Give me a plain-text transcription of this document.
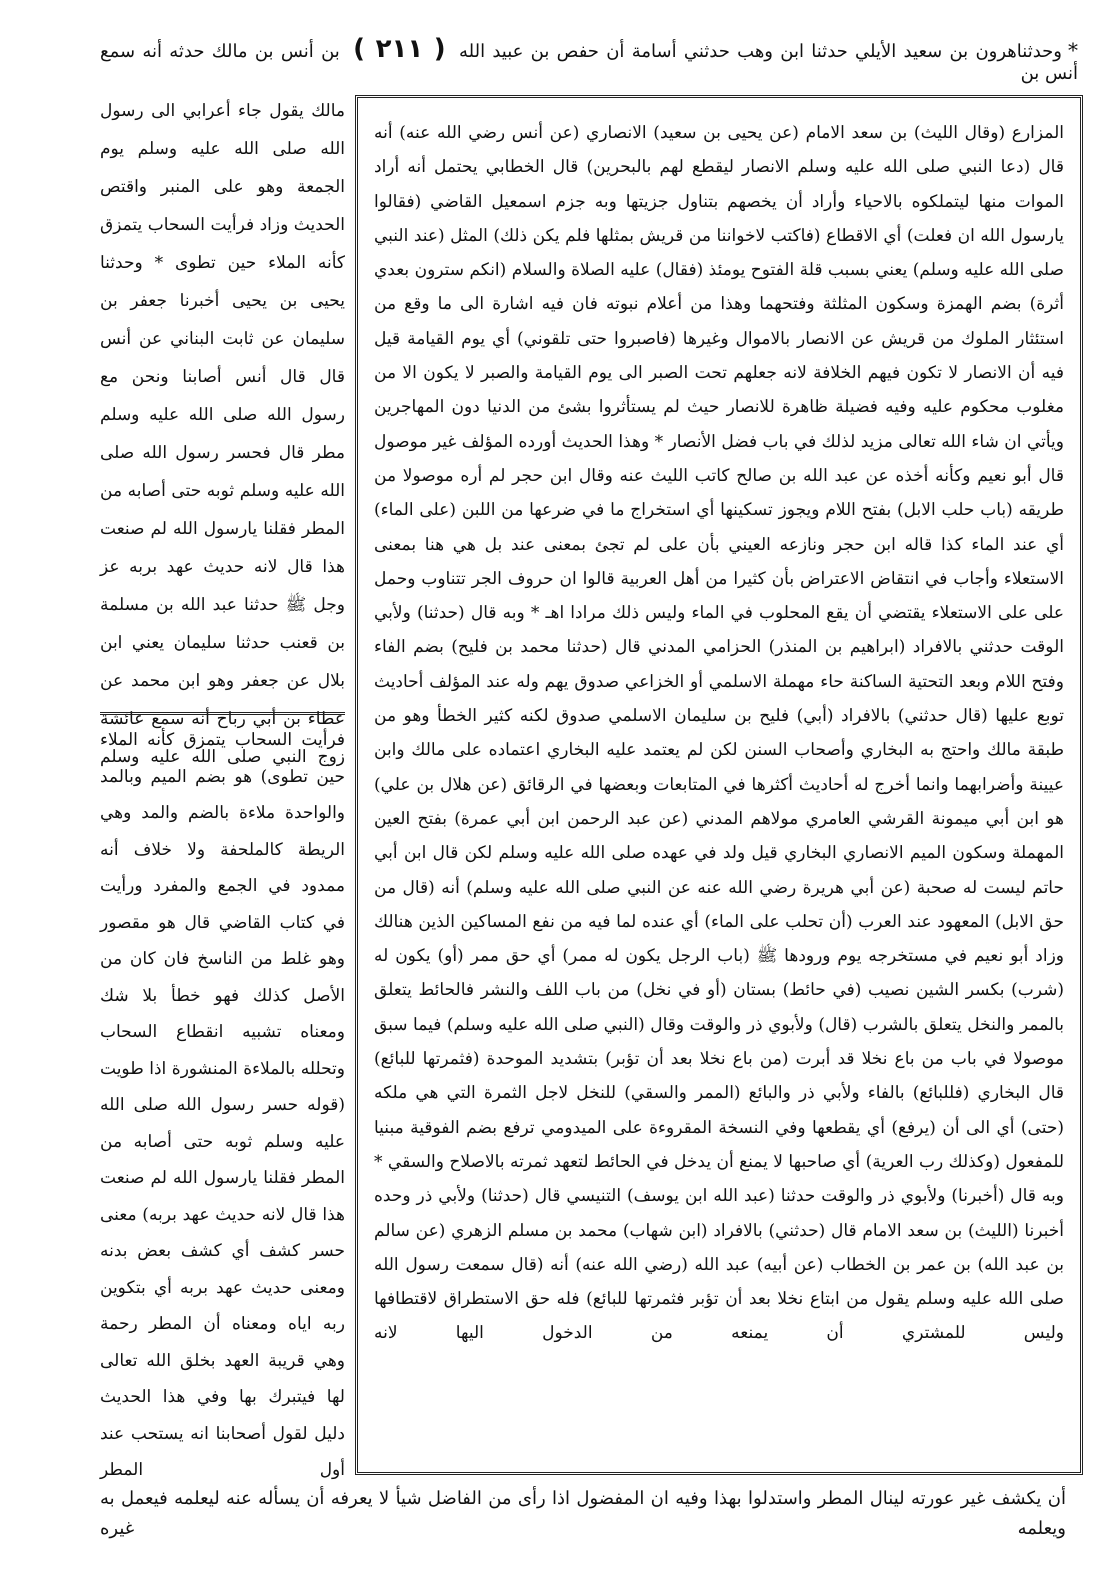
*وحدثناهرون بن سعيد الأيلي حدثنا ابن وهب حدثني أسامة أن حفص بن عبيد الله ( ٢١١ ) بن أنس بن مالك حدثه أنه سمع أنس بن

المزارع (وقال الليث) بن سعد الامام (عن يحيى بن سعيد) الانصاري (عن أنس رضي الله عنه) أنه قال (دعا النبي صلى الله عليه وسلم الانصار ليقطع لهم بالبحرين) قال الخطابي يحتمل أنه أراد الموات منها ليتملكوه بالاحياء وأراد أن يخصهم بتناول جزيتها وبه جزم اسمعيل القاضي (فقالوا يارسول الله ان فعلت) أي الاقطاع (فاكتب لاخواننا من قريش بمثلها فلم يكن ذلك) المثل (عند النبي صلى الله عليه وسلم) يعني بسبب قلة الفتوح يومئذ (فقال) عليه الصلاة والسلام (انكم سترون بعدي أثرة) بضم الهمزة وسكون المثلثة وفتحهما وهذا من أعلام نبوته فان فيه اشارة الى ما وقع من استئثار الملوك من قريش عن الانصار بالاموال وغيرها (فاصبروا حتى تلقوني) أي يوم القيامة قيل فيه أن الانصار لا تكون فيهم الخلافة لانه جعلهم تحت الصبر الى يوم القيامة والصبر لا يكون الا من مغلوب محكوم عليه وفيه فضيلة ظاهرة للانصار حيث لم يستأثروا بشئ من الدنيا دون المهاجرين ويأتي ان شاء الله تعالى مزيد لذلك في باب فضل الأنصار * وهذا الحديث أورده المؤلف غير موصول قال أبو نعيم وكأنه أخذه عن عبد الله بن صالح كاتب الليث عنه وقال ابن حجر لم أره موصولا من طريقه (باب حلب الابل) بفتح اللام ويجوز تسكينها أي استخراج ما في ضرعها من اللبن (على الماء) أي عند الماء كذا قاله ابن حجر ونازعه العيني بأن على لم تجئ بمعنى عند بل هي هنا بمعنى الاستعلاء وأجاب في انتقاض الاعتراض بأن كثيرا من أهل العربية قالوا ان حروف الجر تتناوب وحمل على على الاستعلاء يقتضي أن يقع المحلوب في الماء وليس ذلك مرادا اهـ * وبه قال (حدثنا) ولأبي الوقت حدثني بالافراد (ابراهيم بن المنذر) الحزامي المدني قال (حدثنا محمد بن فليح) بضم الفاء وفتح اللام وبعد التحتية الساكنة حاء مهملة الاسلمي أو الخزاعي صدوق يهم وله عند المؤلف أحاديث توبع عليها (قال حدثني) بالافراد (أبي) فليح بن سليمان الاسلمي صدوق لكنه كثير الخطأ وهو من طبقة مالك واحتج به البخاري وأصحاب السنن لكن لم يعتمد عليه البخاري اعتماده على مالك وابن عيينة وأضرابهما وانما أخرج له أحاديث أكثرها في المتابعات وبعضها في الرقائق (عن هلال بن علي) هو ابن أبي ميمونة القرشي العامري مولاهم المدني (عن عبد الرحمن ابن أبي عمرة) بفتح العين المهملة وسكون الميم الانصاري البخاري قيل ولد في عهده صلى الله عليه وسلم لكن قال ابن أبي حاتم ليست له صحبة (عن أبي هريرة رضي الله عنه عن النبي صلى الله عليه وسلم) أنه (قال من حق الابل) المعهود عند العرب (أن تحلب على الماء) أي عنده لما فيه من نفع المساكين الذين هنالك وزاد أبو نعيم في مستخرجه يوم ورودها ﷺ (باب الرجل يكون له ممر) أي حق ممر (أو) يكون له (شرب) بكسر الشين نصيب (في حائط) بستان (أو في نخل) من باب اللف والنشر فالحائط يتعلق بالممر والنخل يتعلق بالشرب (قال) ولأبوي ذر والوقت وقال (النبي صلى الله عليه وسلم) فيما سبق موصولا في باب من باع نخلا قد أبرت (من باع نخلا بعد أن تؤبر) بتشديد الموحدة (فثمرتها للبائع) قال البخاري (فللبائع) بالفاء ولأبي ذر والبائع (الممر والسقي) للنخل لاجل الثمرة التي هي ملكه (حتى) أي الى أن (يرفع) أي يقطعها وفي النسخة المقروءة على الميدومي ترفع بضم الفوقية مبنيا للمفعول (وكذلك رب العرية) أي صاحبها لا يمنع أن يدخل في الحائط لتعهد ثمرته بالاصلاح والسقي * وبه قال (أخبرنا) ولأبوي ذر والوقت حدثنا (عبد الله ابن يوسف) التنيسي قال (حدثنا) ولأبي ذر وحده أخبرنا (الليث) بن سعد الامام قال (حدثني) بالافراد (ابن شهاب) محمد بن مسلم الزهري (عن سالم بن عبد الله) بن عمر بن الخطاب (عن أبيه) عبد الله (رضي الله عنه) أنه (قال سمعت رسول الله صلى الله عليه وسلم يقول من ابتاع نخلا بعد أن تؤبر فثمرتها للبائع) فله حق الاستطراق لاقتطافها وليس للمشتري أن يمنعه من الدخول اليها لانه

مالك يقول جاء أعرابي الى رسول الله صلى الله عليه وسلم يوم الجمعة وهو على المنبر واقتص الحديث وزاد فرأيت السحاب يتمزق كأنه الملاء حين تطوى * وحدثنا يحيى بن يحيى أخبرنا جعفر بن سليمان عن ثابت البناني عن أنس قال قال أنس أصابنا ونحن مع رسول الله صلى الله عليه وسلم مطر قال فحسر رسول الله صلى الله عليه وسلم ثوبه حتى أصابه من المطر فقلنا يارسول الله لم صنعت هذا قال لانه حديث عهد بربه عز وجل ﷺ حدثنا عبد الله بن مسلمة بن قعنب حدثنا سليمان يعني ابن بلال عن جعفر وهو ابن محمد عن عطاء بن أبي رباح أنه سمع عائشة زوج النبي صلى الله عليه وسلم

فرأيت السحاب يتمزق كأنه الملاء حين تطوى) هو بضم الميم وبالمد والواحدة ملاءة بالضم والمد وهي الريطة كالملحفة ولا خلاف أنه ممدود في الجمع والمفرد ورأيت في كتاب القاضي قال هو مقصور وهو غلط من الناسخ فان كان من الأصل كذلك فهو خطأ بلا شك ومعناه تشبيه انقطاع السحاب وتحلله بالملاءة المنشورة اذا طويت (قوله حسر رسول الله صلى الله عليه وسلم ثوبه حتى أصابه من المطر فقلنا يارسول الله لم صنعت هذا قال لانه حديث عهد بربه) معنى حسر كشف أي كشف بعض بدنه ومعنى حديث عهد بربه أي بتكوين ربه اياه ومعناه أن المطر رحمة وهي قريبة العهد بخلق الله تعالى لها فيتبرك بها وفي هذا الحديث دليل لقول أصحابنا انه يستحب عند أول المطر

أن يكشف غير عورته لينال المطر واستدلوا بهذا وفيه ان المفضول اذا رأى من الفاضل شيأ لا يعرفه أن يسأله عنه ليعلمه فيعمل به ويعلمه غيره
